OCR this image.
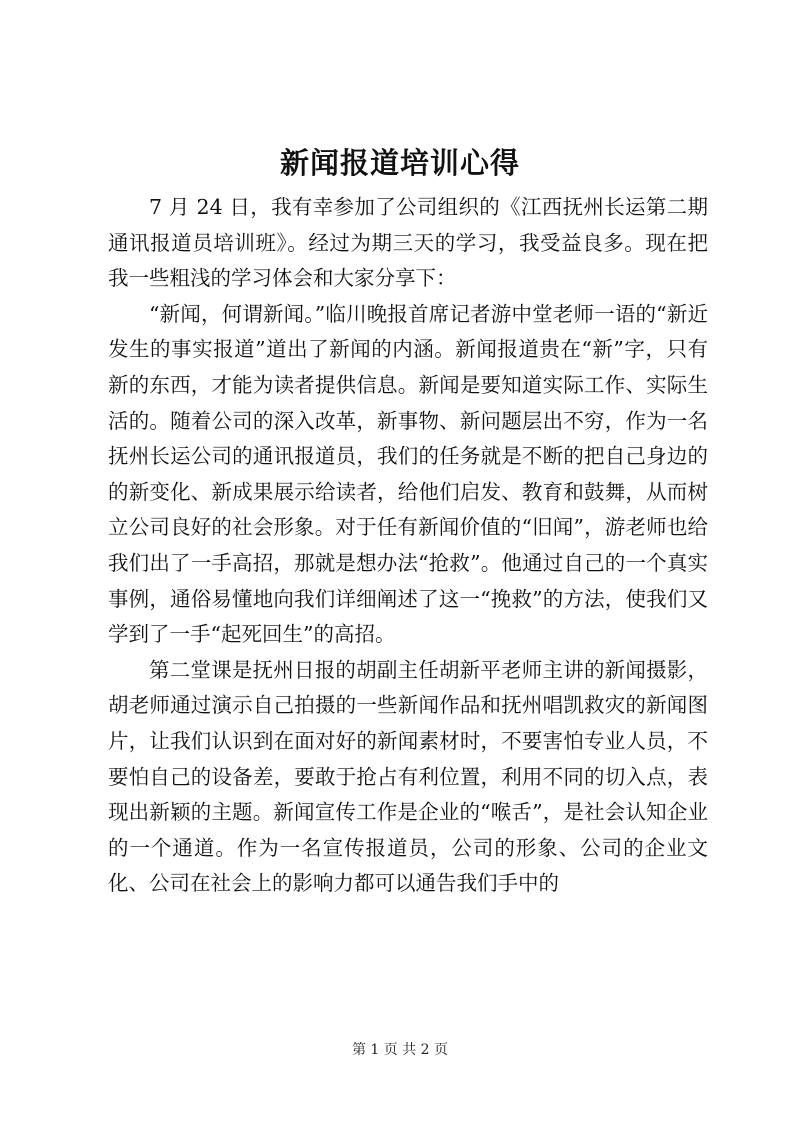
新闻报道培训心得

7 月 24 日，我有幸参加了公司组织的《江西抚州长运第二期通讯报道员培训班》。经过为期三天的学习，我受益良多。现在把我一些粗浅的学习体会和大家分享下：

“新闻，何谓新闻。”临川晚报首席记者游中堂老师一语的“新近发生的事实报道”道出了新闻的内涵。新闻报道贵在“新”字，只有新的东西，才能为读者提供信息。新闻是要知道实际工作、实际生活的。随着公司的深入改革，新事物、新问题层出不穷，作为一名抚州长运公司的通讯报道员，我们的任务就是不断的把自己身边的的新变化、新成果展示给读者，给他们启发、教育和鼓舞，从而树立公司良好的社会形象。对于任有新闻价值的“旧闻”，游老师也给我们出了一手高招，那就是想办法“抢救”。他通过自己的一个真实事例，通俗易懂地向我们详细阐述了这一“挽救”的方法，使我们又学到了一手“起死回生”的高招。

第二堂课是抚州日报的胡副主任胡新平老师主讲的新闻摄影，胡老师通过演示自己拍摄的一些新闻作品和抚州唱凯救灾的新闻图片，让我们认识到在面对好的新闻素材时，不要害怕专业人员，不要怕自己的设备差，要敢于抢占有利位置，利用不同的切入点，表现出新颖的主题。新闻宣传工作是企业的“喉舌”，是社会认知企业的一个通道。作为一名宣传报道员，公司的形象、公司的企业文化、公司在社会上的影响力都可以通告我们手中的

第 1 页 共 2 页
